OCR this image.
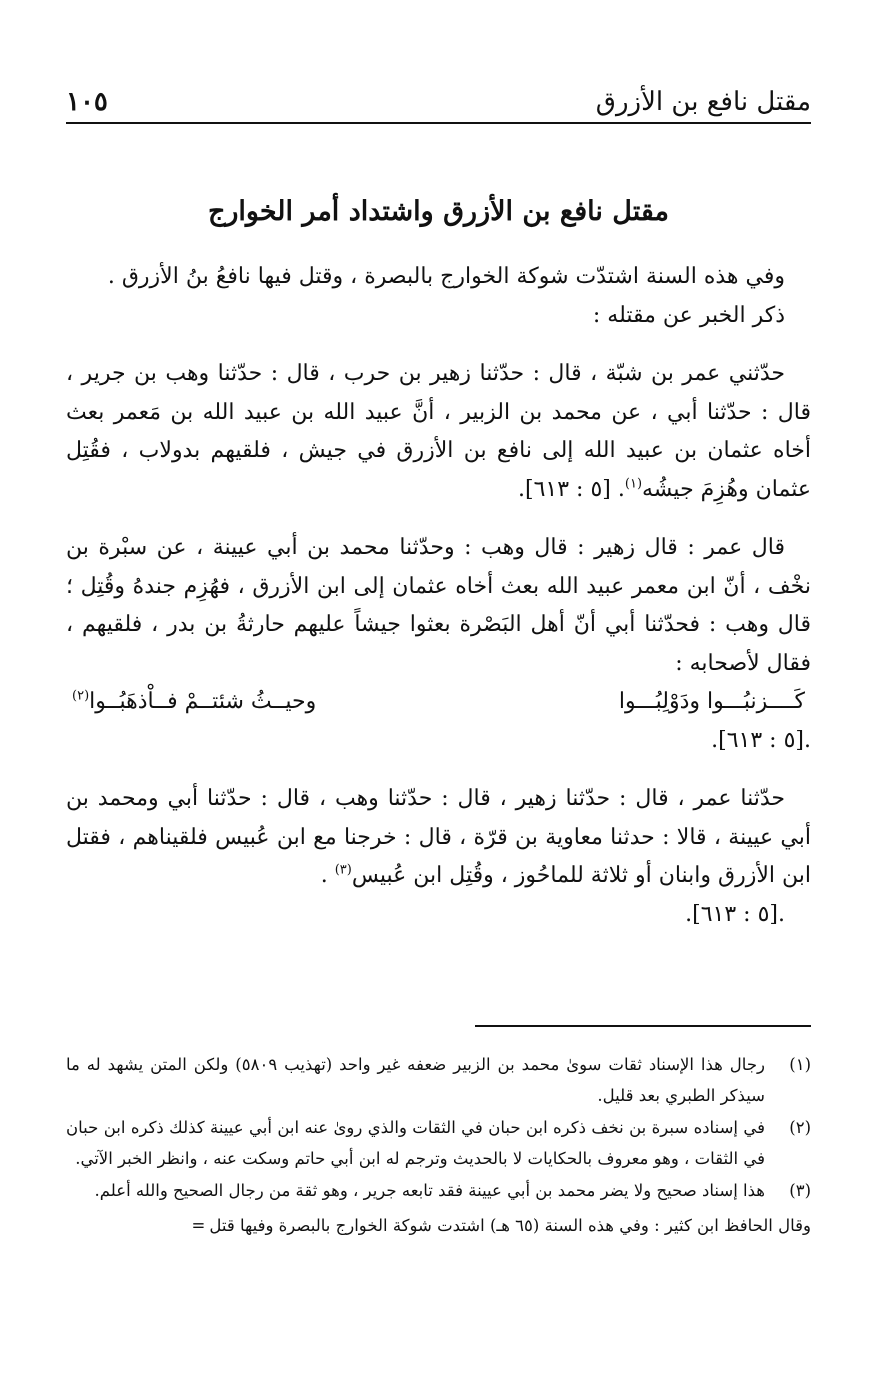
مقتل نافع بن الأزرق
١٠٥
مقتل نافع بن الأزرق واشتداد أمر الخوارج

وفي هذه السنة اشتدّت شوكة الخوارج بالبصرة ، وقتل فيها نافعُ بنُ الأزرق .

ذكر الخبر عن مقتله :

حدّثني عمر بن شبّة ، قال : حدّثنا زهير بن حرب ، قال : حدّثنا وهب بن جرير ، قال : حدّثنا أبي ، عن محمد بن الزبير ، أنَّ عبيد الله بن عبيد الله بن مَعمر بعث أخاه عثمان بن عبيد الله إلى نافع بن الأزرق في جيش ، فلقيهم بدولاب ، فقُتِل عثمان وهُزِمَ جيشُه$^{(١)}$. [٥ : ٦١٣].

قال عمر : قال زهير : قال وهب : وحدّثنا محمد بن أبي عيينة ، عن سبْرة بن نخْف ، أنّ ابن معمر عبيد الله بعث أخاه عثمان إلى ابن الأزرق ، فهُزِم جندهُ وقُتِل ؛ قال وهب : فحدّثنا أبي أنّ أهل البَصْرة بعثوا جيشاً عليهم حارثةُ بن بدر ، فلقيهم ، فقال لأصحابه :

كَــــزنبُـــوا ودَوْلِبُـــوا
وحيــثُ شئتــمْ فــاْذهَبُــوا$^{(٢)}$

.[٥ : ٦١٣].

حدّثنا عمر ، قال : حدّثنا زهير ، قال : حدّثنا وهب ، قال : حدّثنا أبي ومحمد بن أبي عيينة ، قالا : حدثنا معاوية بن قرّة ، قال : خرجنا مع ابن عُبيس فلقيناهم ، فقتل ابن الأزرق وابنان أو ثلاثة للماحُوز ، وقُتِل ابن عُبيس$^{(٣)}$ .

.[٥ : ٦١٣].

(١)
رجال هذا الإسناد ثقات سوىٰ محمد بن الزبير ضعفه غير واحد (تهذيب ٥٨٠٩) ولكن المتن يشهد له ما سيذكر الطبري بعد قليل.
(٢)
في إسناده سبرة بن نخف ذكره ابن حبان في الثقات والذي روىٰ عنه ابن أبي عيينة كذلك ذكره ابن حبان في الثقات ، وهو معروف بالحكايات لا بالحديث وترجم له ابن أبي حاتم وسكت عنه ، وانظر الخبر الآتي.
(٣)
هذا إسناد صحيح ولا يضر محمد بن أبي عيينة فقد تابعه جرير ، وهو ثقة من رجال الصحيح والله أعلم.

وقال الحافظ ابن كثير : وفي هذه السنة (٦٥ هـ) اشتدت شوكة الخوارج بالبصرة وفيها قتل=
